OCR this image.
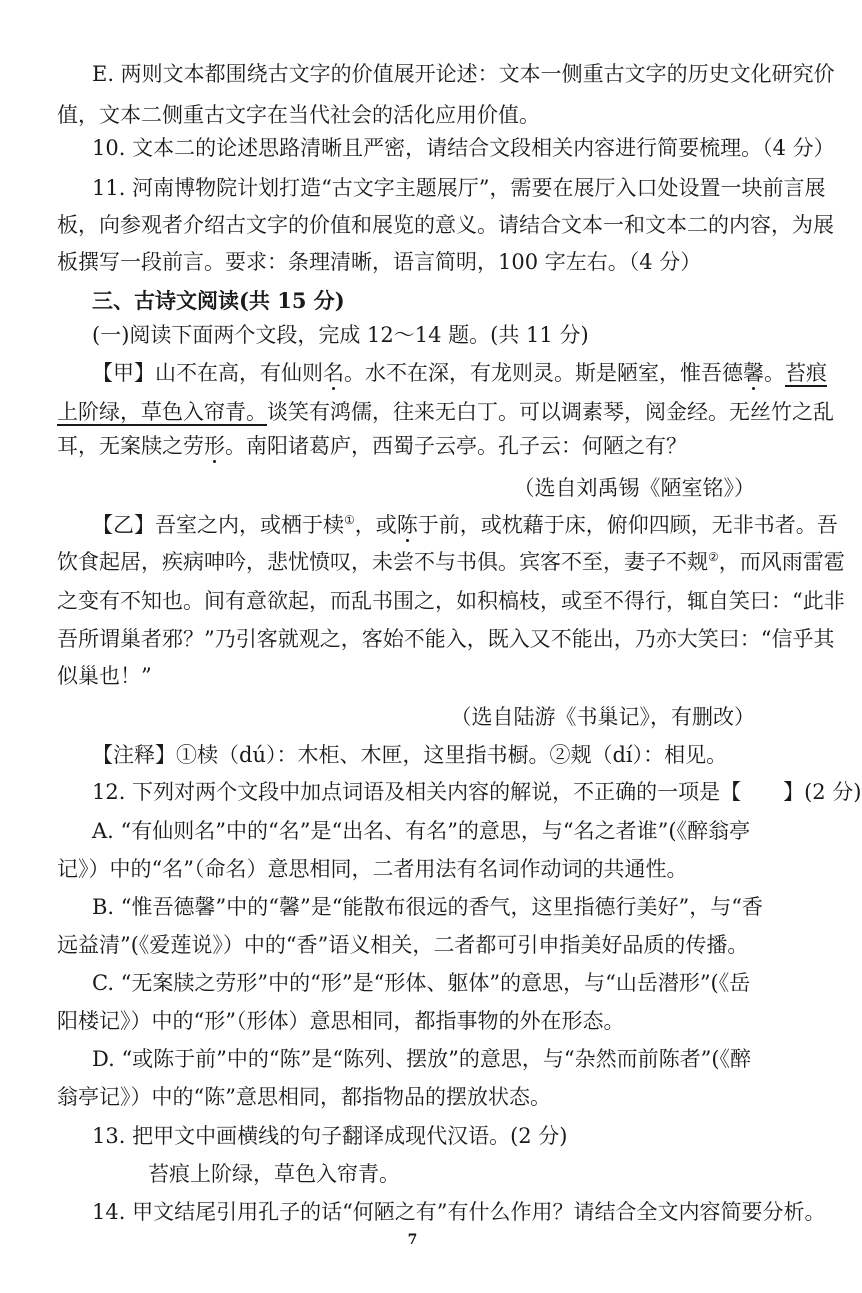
E. 两则文本都围绕古文字的价值展开论述：文本一侧重古文字的历史文化研究价
值，文本二侧重古文字在当代社会的活化应用价值。
10. 文本二的论述思路清晰且严密，请结合文段相关内容进行简要梳理。（4 分）
11. 河南博物院计划打造“古文字主题展厅”，需要在展厅入口处设置一块前言展
板，向参观者介绍古文字的价值和展览的意义。请结合文本一和文本二的内容，为展
板撰写一段前言。要求：条理清晰，语言简明，100 字左右。（4 分）
三、古诗文阅读(共 15 分)
(一)阅读下面两个文段，完成 12～14 题。(共 11 分)
【甲】山不在高，有仙则名。水不在深，有龙则灵。斯是陋室，惟吾德馨。苔痕
上阶绿，草色入帘青。谈笑有鸿儒，往来无白丁。可以调素琴，阅金经。无丝竹之乱
耳，无案牍之劳形。南阳诸葛庐，西蜀子云亭。孔子云：何陋之有？
（选自刘禹锡《陋室铭》）
【乙】吾室之内，或栖于椟①，或陈于前，或枕藉于床，俯仰四顾，无非书者。吾
饮食起居，疾病呻吟，悲忧愤叹，未尝不与书俱。宾客不至，妻子不觌②，而风雨雷雹
之变有不知也。间有意欲起，而乱书围之，如积槁枝，或至不得行，辄自笑曰：“此非
吾所谓巢者邪？”乃引客就观之，客始不能入，既入又不能出，乃亦大笑曰：“信乎其
似巢也！”
（选自陆游《书巢记》，有删改）
【注释】①椟（dú）：木柜、木匣，这里指书橱。②觌（dí）：相见。
12. 下列对两个文段中加点词语及相关内容的解说，不正确的一项是【　　】(2 分)
A. “有仙则名”中的“名”是“出名、有名”的意思，与“名之者谁”(《醉翁亭
记》）中的“名”（命名）意思相同，二者用法有名词作动词的共通性。
B. “惟吾德馨”中的“馨”是“能散布很远的香气，这里指德行美好”，与“香
远益清”(《爱莲说》）中的“香”语义相关，二者都可引申指美好品质的传播。
C. “无案牍之劳形”中的“形”是“形体、躯体”的意思，与“山岳潜形”(《岳
阳楼记》）中的“形”（形体）意思相同，都指事物的外在形态。
D. “或陈于前”中的“陈”是“陈列、摆放”的意思，与“杂然而前陈者”(《醉
翁亭记》）中的“陈”意思相同，都指物品的摆放状态。
13. 把甲文中画横线的句子翻译成现代汉语。(2 分)
苔痕上阶绿，草色入帘青。
14. 甲文结尾引用孔子的话“何陋之有”有什么作用？请结合全文内容简要分析。
7
